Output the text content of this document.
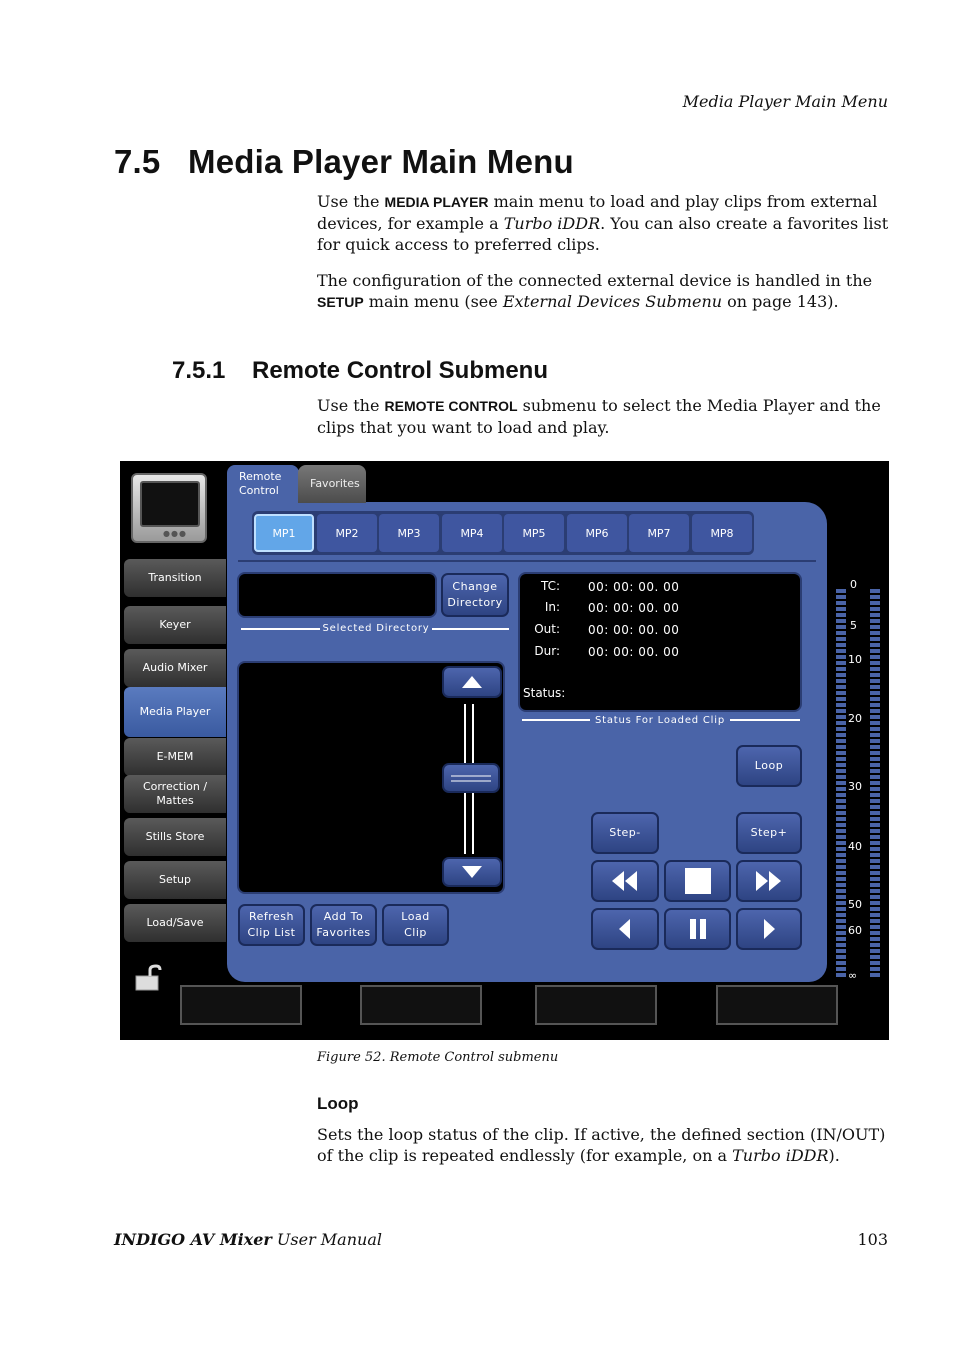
Media Player Main Menu
7.5 Media Player Main Menu
Use the MEDIA PLAYER main menu to load and play clips from external devices, for example a Turbo iDDR. You can also create a favorites list for quick access to preferred clips.
The configuration of the connected external device is handled in the SETUP main menu (see External Devices Submenu on page 143).
7.5.1 Remote Control Submenu
Use the REMOTE CONTROL submenu to select the Media Player and the clips that you want to load and play.
●●●
Transition
Keyer
Audio Mixer
Media Player
E-MEM
Correction /
Mattes
Stills Store
Setup
Load/Save
Remote
Control
Favorites
MP1	MP2	MP3	MP4	MP5	MP6	MP7	MP8
Change
Directory
Selected Directory
TC: 00: 00: 00. 00
In: 00: 00: 00. 00
Out: 00: 00: 00. 00
Dur: 00: 00: 00. 00
Status:
Status For Loaded Clip
Loop
Step-	Step+
Refresh
Clip List
Add To
Favorites
Load
Clip
0
5
10
20
30
40
50
60
∞
Figure 52. Remote Control submenu
Loop
Sets the loop status of the clip. If active, the defined section (IN/OUT) of the clip is repeated endlessly (for example, on a Turbo iDDR).
INDIGO AV Mixer User Manual	103
